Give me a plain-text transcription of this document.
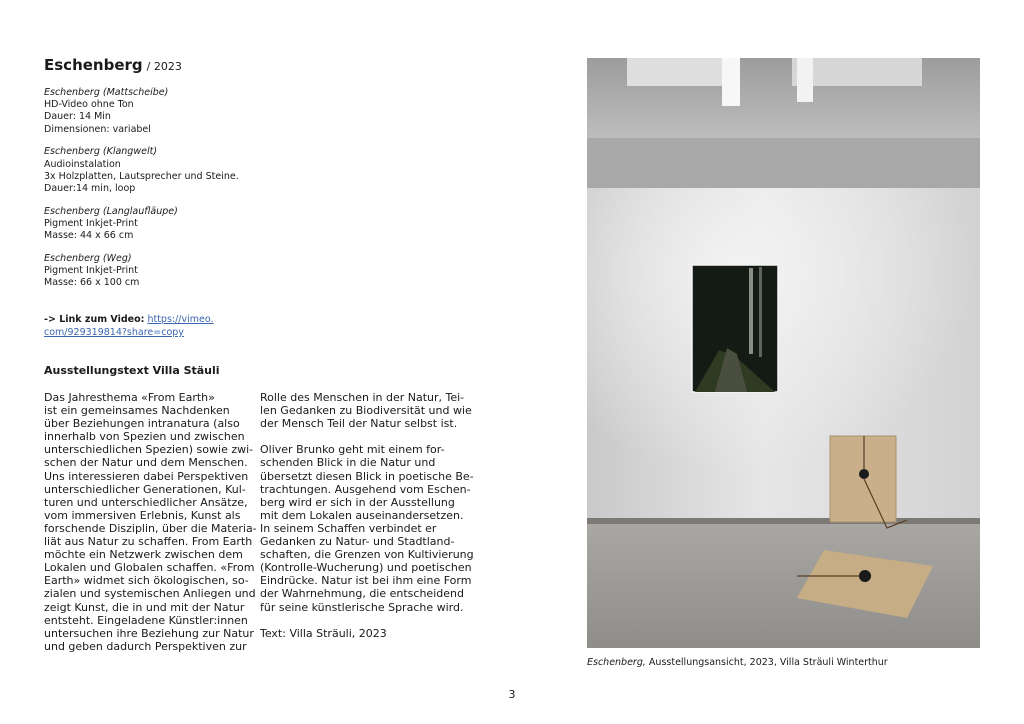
Eschenberg / 2023
Eschenberg (Mattscheibe)
HD-Video ohne Ton
Dauer: 14 Min
Dimensionen: variabel
Eschenberg (Klangwelt)
Audioinstalation
3x Holzplatten, Lautsprecher und Steine.
Dauer:14 min, loop
Eschenberg (Langlaufläupe)
Pigment Inkjet-Print
Masse: 44 x 66 cm
Eschenberg (Weg)
Pigment Inkjet-Print
Masse: 66 x 100 cm
-> Link zum Video: https://vimeo.
com/929319814?share=copy
Ausstellungstext Villa Stäuli

Das Jahresthema «From Earth»
ist ein gemeinsames Nachdenken
über Beziehungen intranatura (also
innerhalb von Spezien und zwischen
unterschiedlichen Spezien) sowie zwi-
schen der Natur und dem Menschen.
Uns interessieren dabei Perspektiven
unterschiedlicher Generationen, Kul-
turen und unterschiedlicher Ansätze,
vom immersiven Erlebnis, Kunst als
forschende Disziplin, über die Materia-
liät aus Natur zu schaffen. From Earth
möchte ein Netzwerk zwischen dem
Lokalen und Globalen schaffen. «From
Earth» widmet sich ökologischen, so-
zialen und systemischen Anliegen und
zeigt Kunst, die in und mit der Natur
entsteht. Eingeladene Künstler:innen
untersuchen ihre Beziehung zur Natur
und geben dadurch Perspektiven zur

Rolle des Menschen in der Natur, Tei-
len Gedanken zu Biodiversität und wie
der Mensch Teil der Natur selbst ist.

Oliver Brunko geht mit einem for-
schenden Blick in die Natur und
übersetzt diesen Blick in poetische Be-
trachtungen. Ausgehend vom Eschen-
berg wird er sich in der Ausstellung
mit dem Lokalen auseinandersetzen.
In seinem Schaffen verbindet er
Gedanken zu Natur- und Stadtland-
schaften, die Grenzen von Kultivierung
(Kontrolle-Wucherung) und poetischen
Eindrücke. Natur ist bei ihm eine Form
der Wahrnehmung, die entscheidend
für seine künstlerische Sprache wird.

Text: Villa Sträuli, 2023

Eschenberg, Ausstellungsansicht, 2023, Villa Sträuli Winterthur
3
